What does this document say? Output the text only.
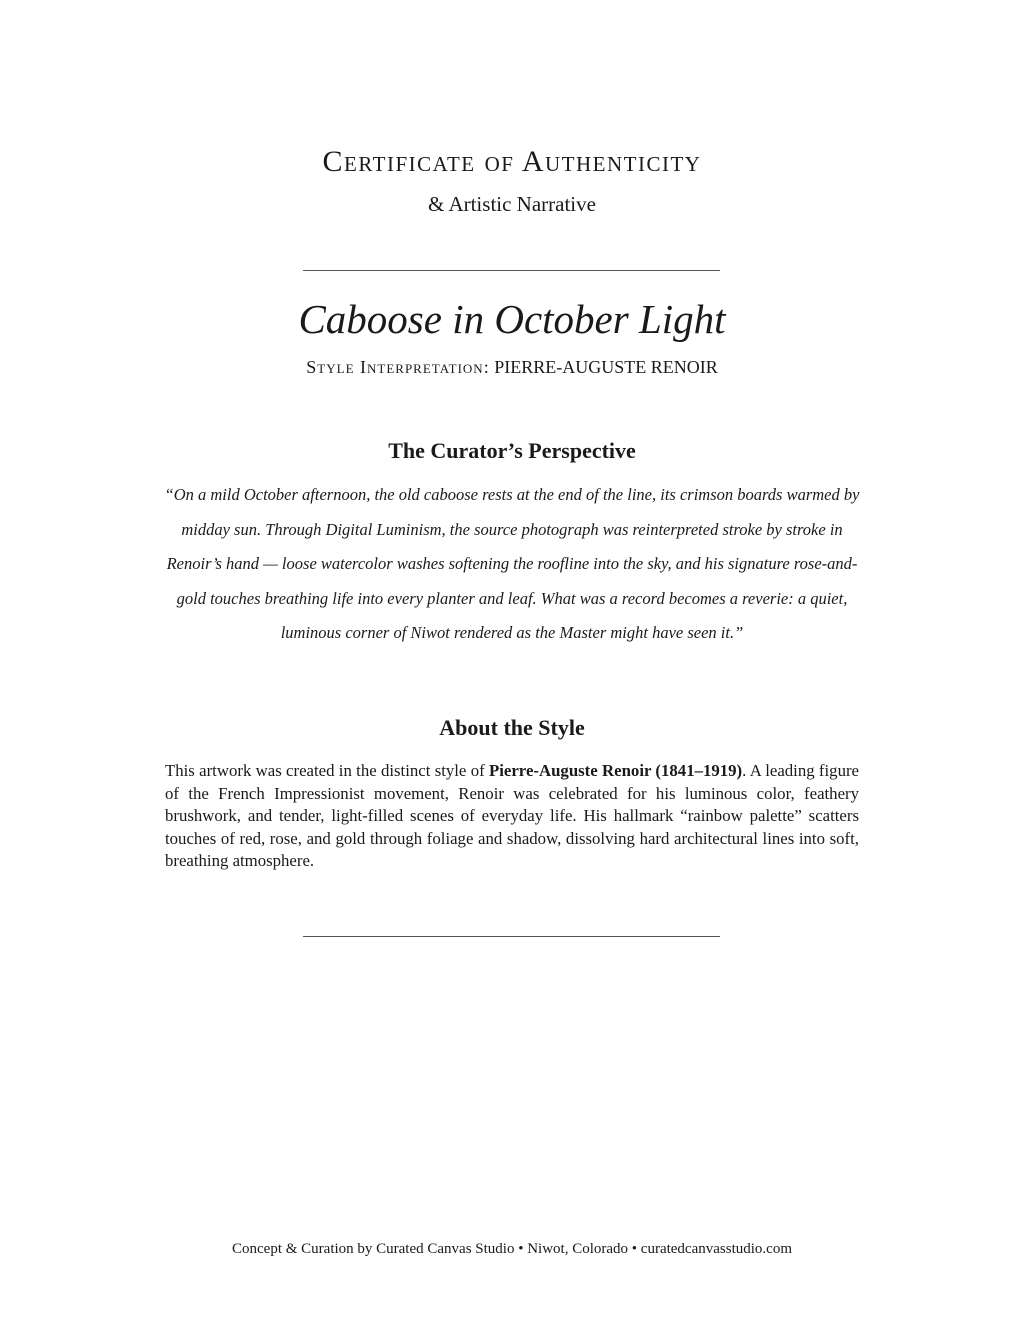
Certificate of Authenticity
& Artistic Narrative
Caboose in October Light
Style Interpretation: PIERRE-AUGUSTE RENOIR
The Curator’s Perspective

“On a mild October afternoon, the old caboose rests at the end of the line, its crimson boards warmed by midday sun. Through Digital Luminism, the source photograph was reinterpreted stroke by stroke in Renoir’s hand — loose watercolor washes softening the roofline into the sky, and his signature rose-and-gold touches breathing life into every planter and leaf. What was a record becomes a reverie: a quiet, luminous corner of Niwot rendered as the Master might have seen it.”

About the Style

This artwork was created in the distinct style of Pierre-Auguste Renoir (1841–1919). A leading figure of the French Impressionist movement, Renoir was celebrated for his luminous color, feathery brushwork, and tender, light-filled scenes of everyday life. His hallmark “rainbow palette” scatters touches of red, rose, and gold through foliage and shadow, dissolving hard architectural lines into soft, breathing atmosphere.

Concept & Curation by Curated Canvas Studio • Niwot, Colorado • curatedcanvasstudio.com
